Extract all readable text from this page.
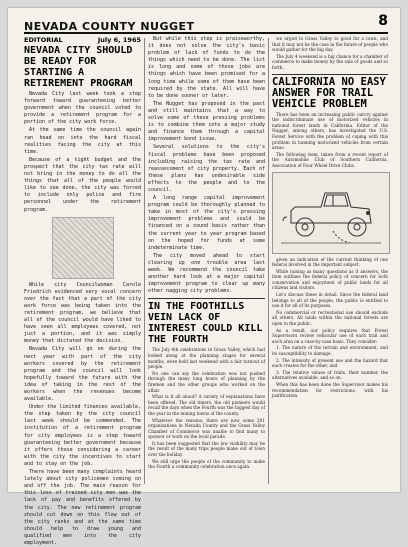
NEVADA COUNTY NUGGET	8
EDITORIAL	July 6, 1965
NEVADA CITY SHOULD BE READY FOR STARTING A RETIREMENT PROGRAM

Nevada City last week took a step forward toward guaranteeing better government when the council voted to provide a retirement program for a portion of the city work force.

At the same time the council again ran head on into the hard fiscal realities facing the city at this time.

Because of a tight budget and the prospect that the city tax rate will not bring in the money to do all the things that all of the people would like to see done, the city was forced to include only police and fire personnel under the retirement program.

While city Councilwoman Carole Friedrich evidenced very vocal concern over the fact that a part of the city work force was being taken into the retirement program, we believe that all of the council would have liked to have seen all employees covered, not just a portion, and it was simply money that dictated the decision.

Nevada City will go on during the next year with part of the city workers covered by the retirement program and the council will look hopefully toward the future with the idea of taking in the rest of the workers when the revenues become available.

Under the limited finances available, the step taken by the city council last week should be commended. The institution of a retirement program for city employees is a step toward guaranteeing better government because it offers those considering a career with the city the incentives to start and to stay on the job.

There have been many complaints heard lately about city policemen coming on and off the job. The main reason for this loss of trained city men was the lack of pay and benefits offered by the city. The new retirement program should cut down on this flow out of the city ranks and at the same time should help to draw young and qualified men into the city employment.

But while this step is praiseworthy, it does not solve the city's basic problem of lack of funds to do the things which need to be done. The list is long and some of those jobs are things which have been promised for a long time while some of them have been required by the state. All will have to be done sooner or later.

The Nugget has proposed in the past and still maintains that a way to solve some of these pressing problems is to combine them into a major study and finance them through a capital improvement bond issue.

Several solutions to the city's fiscal problems have been proposed including raising the tax rate and reassessment of city property. Each of these plans has undesirable side effects to the people and to the council.

A long range capital improvement program could be thoroughly planned to take in most of the city's pressing improvement problems and could be financed on a sound basis rather than the current year to year program based on the hoped for funds at some indeterminate time.

The city moved ahead to start clearing up one trouble area last week. We recommend the council take another hard look at a major capital improvement program to clear up many other nagging city problems.

IN THE FOOTHILLS VEIN LACK OF INTEREST COULD KILL THE FOURTH

The July 4th celebrations in Grass Valley, which had looked along at the planning stages for several months, were held last weekend with a fair turnout of people.

No one can say the celebration was not pushed through the many long hours of planning by the firemen and the other groups who worked on the affair.

What is it all about? A variety of explanations have been offered. The old timers, the old pioneers would recall the days when the Fourth was the biggest day of the year in the mining towns of the county.

Whatever the reasons, there are now some 201 organizations in Nevada County and the Grass Valley Chamber of Commerce was unable to find many to sponsor or work on the local parade.

It has been suggested that the low visibility may be the result of the many trips people make out of town over the holiday.

We still urge the people of the community to make the Fourth a community celebration once again.

we urged to Grass Valley to good for a town, and that it may not be the case in the future of people who would gather for the big day.

The July 4 weekend is a big chance for a chamber of commerce to make money by the sale of goods and so forth.

CALIFORNIA NO EASY ANSWER FOR TRAIL VEHICLE PROBLEM

There has been an increasing public outcry against the indiscriminate use of motorized vehicles in national forest lands in California. Editor of the Nugget, among others, has investigated the U.S. Forest Service with the problem of coping with this problem in banning motorized vehicles from certain areas.

The following item, taken from a recent report of the Automobile Club of Southern California, Association of Four Wheel Drive Clubs.

given an indication of the current thinking of one federal involved in the important subject.

While raising as many questions as it answers, the item outlines the federal policy of concern for both conservation and enjoyment of public lands for all citizens and visitors.

Let's discuss these in detail. Since the federal land belongs to all of the people, the public is entitled to use it for all of its purposes.

No commercial or recreational use should exclude all others. All lands within the national forests are open to the public.

As a result, our policy requires that Forest Supervisors review vehicular use of each trail and each area on a case-by-case basis. They consider:

1. The nature of the terrain and environment, and its susceptibility to damage.

2. The intensity of present use and the hazard that each creates for the other, and

3. The relative values of trails, their number, the alternatives available, and so on.

When this has been done the Supervisor makes his recommendation for restrictions, with his justification.
